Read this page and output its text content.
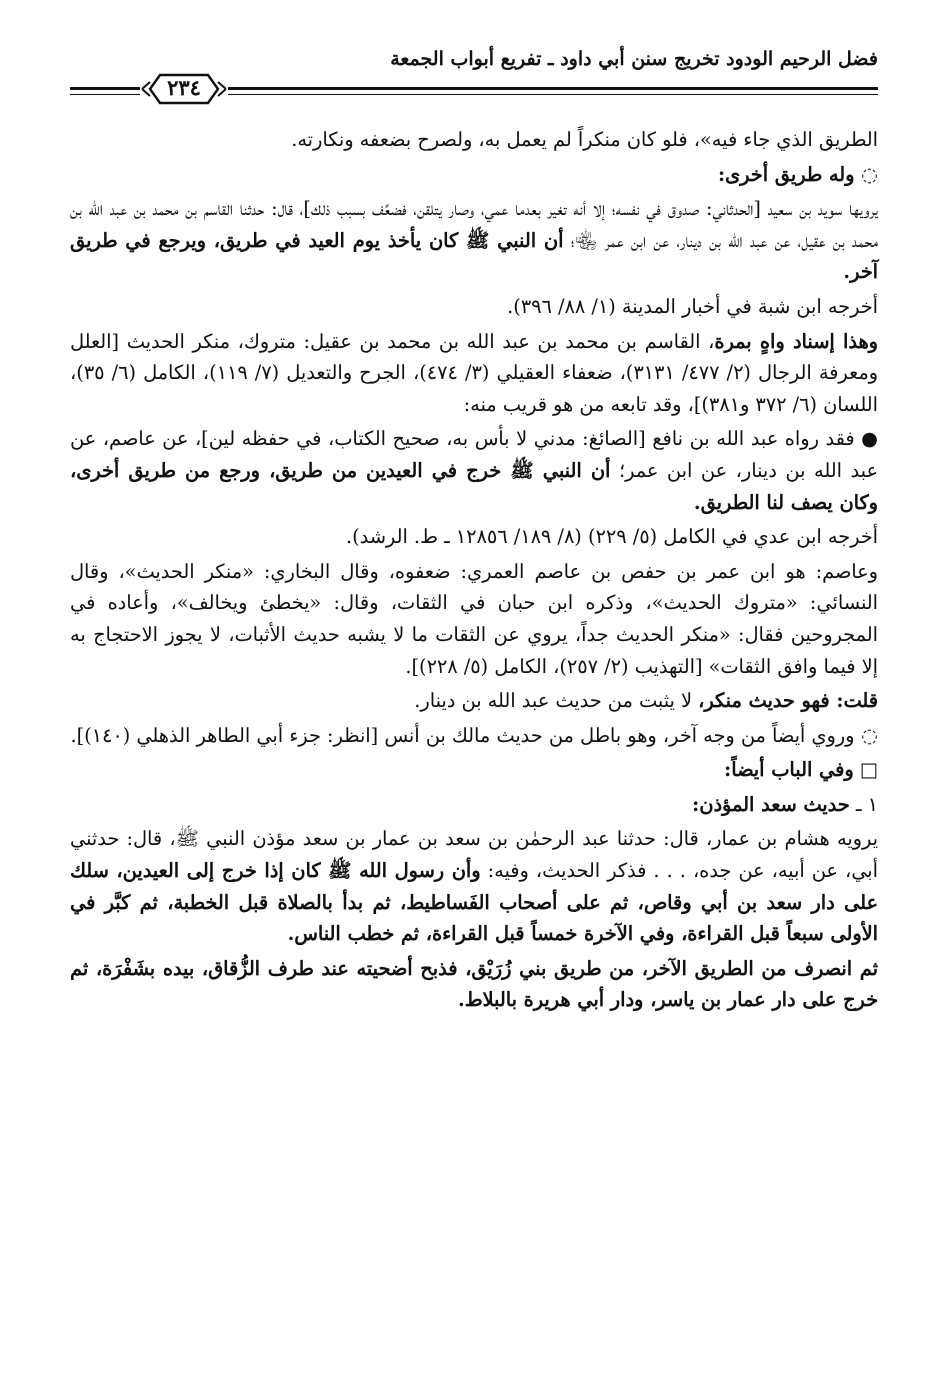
فضل الرحيم الودود تخريج سنن أبي داود ـ تفريع أبواب الجمعة
٢٣٤

الطريق الذي جاء فيه»، فلو كان منكراً لم يعمل به، ولصرح بضعفه ونكارته.

◌ وله طريق أخرى:

يرويها سويد بن سعيد [الحدثاني: صدوق في نفسه؛ إلا أنه تغير بعدما عمي، وصار يتلقن، فضعِّف بسبب ذلك]، قال: حدثنا القاسم بن محمد بن عبد الله بن محمد بن عقيل، عن عبد الله بن دينار، عن ابن عمر ﵄؛ أن النبي ﷺ كان يأخذ يوم العيد في طريق، ويرجع في طريق آخر.

أخرجه ابن شبة في أخبار المدينة (١/ ٨٨/ ٣٩٦).

وهذا إسناد واهٍ بمرة، القاسم بن محمد بن عبد الله بن محمد بن عقيل: متروك، منكر الحديث [العلل ومعرفة الرجال (٢/ ٤٧٧/ ٣١٣١)، ضعفاء العقيلي (٣/ ٤٧٤)، الجرح والتعديل (٧/ ١١٩)، الكامل (٦/ ٣٥)، اللسان (٦/ ٣٧٢ و٣٨١)]، وقد تابعه من هو قريب منه:

● فقد رواه عبد الله بن نافع [الصائغ: مدني لا بأس به، صحيح الكتاب، في حفظه لين]، عن عاصم، عن عبد الله بن دينار، عن ابن عمر؛ أن النبي ﷺ خرج في العيدين من طريق، ورجع من طريق أخرى، وكان يصف لنا الطريق.

أخرجه ابن عدي في الكامل (٥/ ٢٢٩) (٨/ ١٨٩/ ١٢٨٥٦ ـ ط. الرشد).

وعاصم: هو ابن عمر بن حفص بن عاصم العمري: ضعفوه، وقال البخاري: «منكر الحديث»، وقال النسائي: «متروك الحديث»، وذكره ابن حبان في الثقات، وقال: «يخطئ ويخالف»، وأعاده في المجروحين فقال: «منكر الحديث جداً، يروي عن الثقات ما لا يشبه حديث الأثبات، لا يجوز الاحتجاج به إلا فيما وافق الثقات» [التهذيب (٢/ ٢٥٧)، الكامل (٥/ ٢٢٨)].

قلت: فهو حديث منكر، لا يثبت من حديث عبد الله بن دينار.

◌ وروي أيضاً من وجه آخر، وهو باطل من حديث مالك بن أنس [انظر: جزء أبي الطاهر الذهلي (١٤٠)].

□ وفي الباب أيضاً:

١ ـ حديث سعد المؤذن:

يرويه هشام بن عمار، قال: حدثنا عبد الرحمٰن بن سعد بن عمار بن سعد مؤذن النبي ﷺ، قال: حدثني أبي، عن أبيه، عن جده، . . . فذكر الحديث، وفيه: وأن رسول الله ﷺ كان إذا خرج إلى العيدين، سلك على دار سعد بن أبي وقاص، ثم على أصحاب الفَساطيط، ثم بدأ بالصلاة قبل الخطبة، ثم كبَّر في الأولى سبعاً قبل القراءة، وفي الآخرة خمساً قبل القراءة، ثم خطب الناس.

ثم انصرف من الطريق الآخر، من طريق بني زُرَيْق، فذبح أضحيته عند طرف الزُّقاق، بيده بشَفْرَة، ثم خرج على دار عمار بن ياسر، ودار أبي هريرة بالبلاط.
